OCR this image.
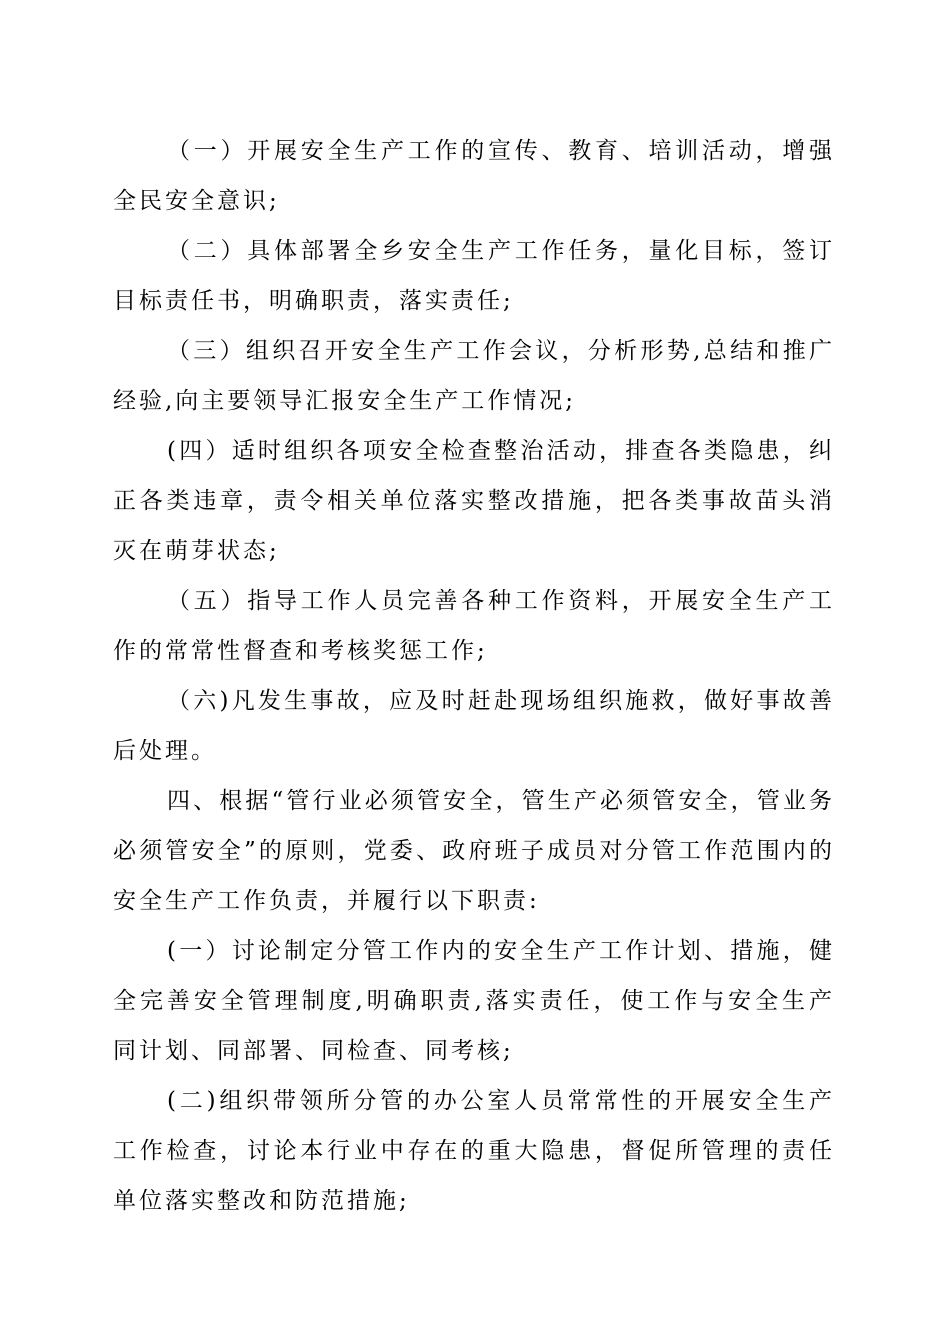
（一）开展安全生产工作的宣传、教育、培训活动，增强全民安全意识;

（二）具体部署全乡安全生产工作任务，量化目标，签订目标责任书，明确职责，落实责任;

（三）组织召开安全生产工作会议，分析形势,总结和推广经验,向主要领导汇报安全生产工作情况;

(四）适时组织各项安全检查整治活动，排查各类隐患，纠正各类违章，责令相关单位落实整改措施，把各类事故苗头消灭在萌芽状态;

（五）指导工作人员完善各种工作资料，开展安全生产工作的常常性督查和考核奖惩工作;

（六)凡发生事故，应及时赶赴现场组织施救，做好事故善后处理。

四、根据“管行业必须管安全，管生产必须管安全，管业务必须管安全”的原则，党委、政府班子成员对分管工作范围内的安全生产工作负责，并履行以下职责:

(一）讨论制定分管工作内的安全生产工作计划、措施，健全完善安全管理制度,明确职责,落实责任，使工作与安全生产同计划、同部署、同检查、同考核;

(二)组织带领所分管的办公室人员常常性的开展安全生产工作检查，讨论本行业中存在的重大隐患，督促所管理的责任单位落实整改和防范措施;
